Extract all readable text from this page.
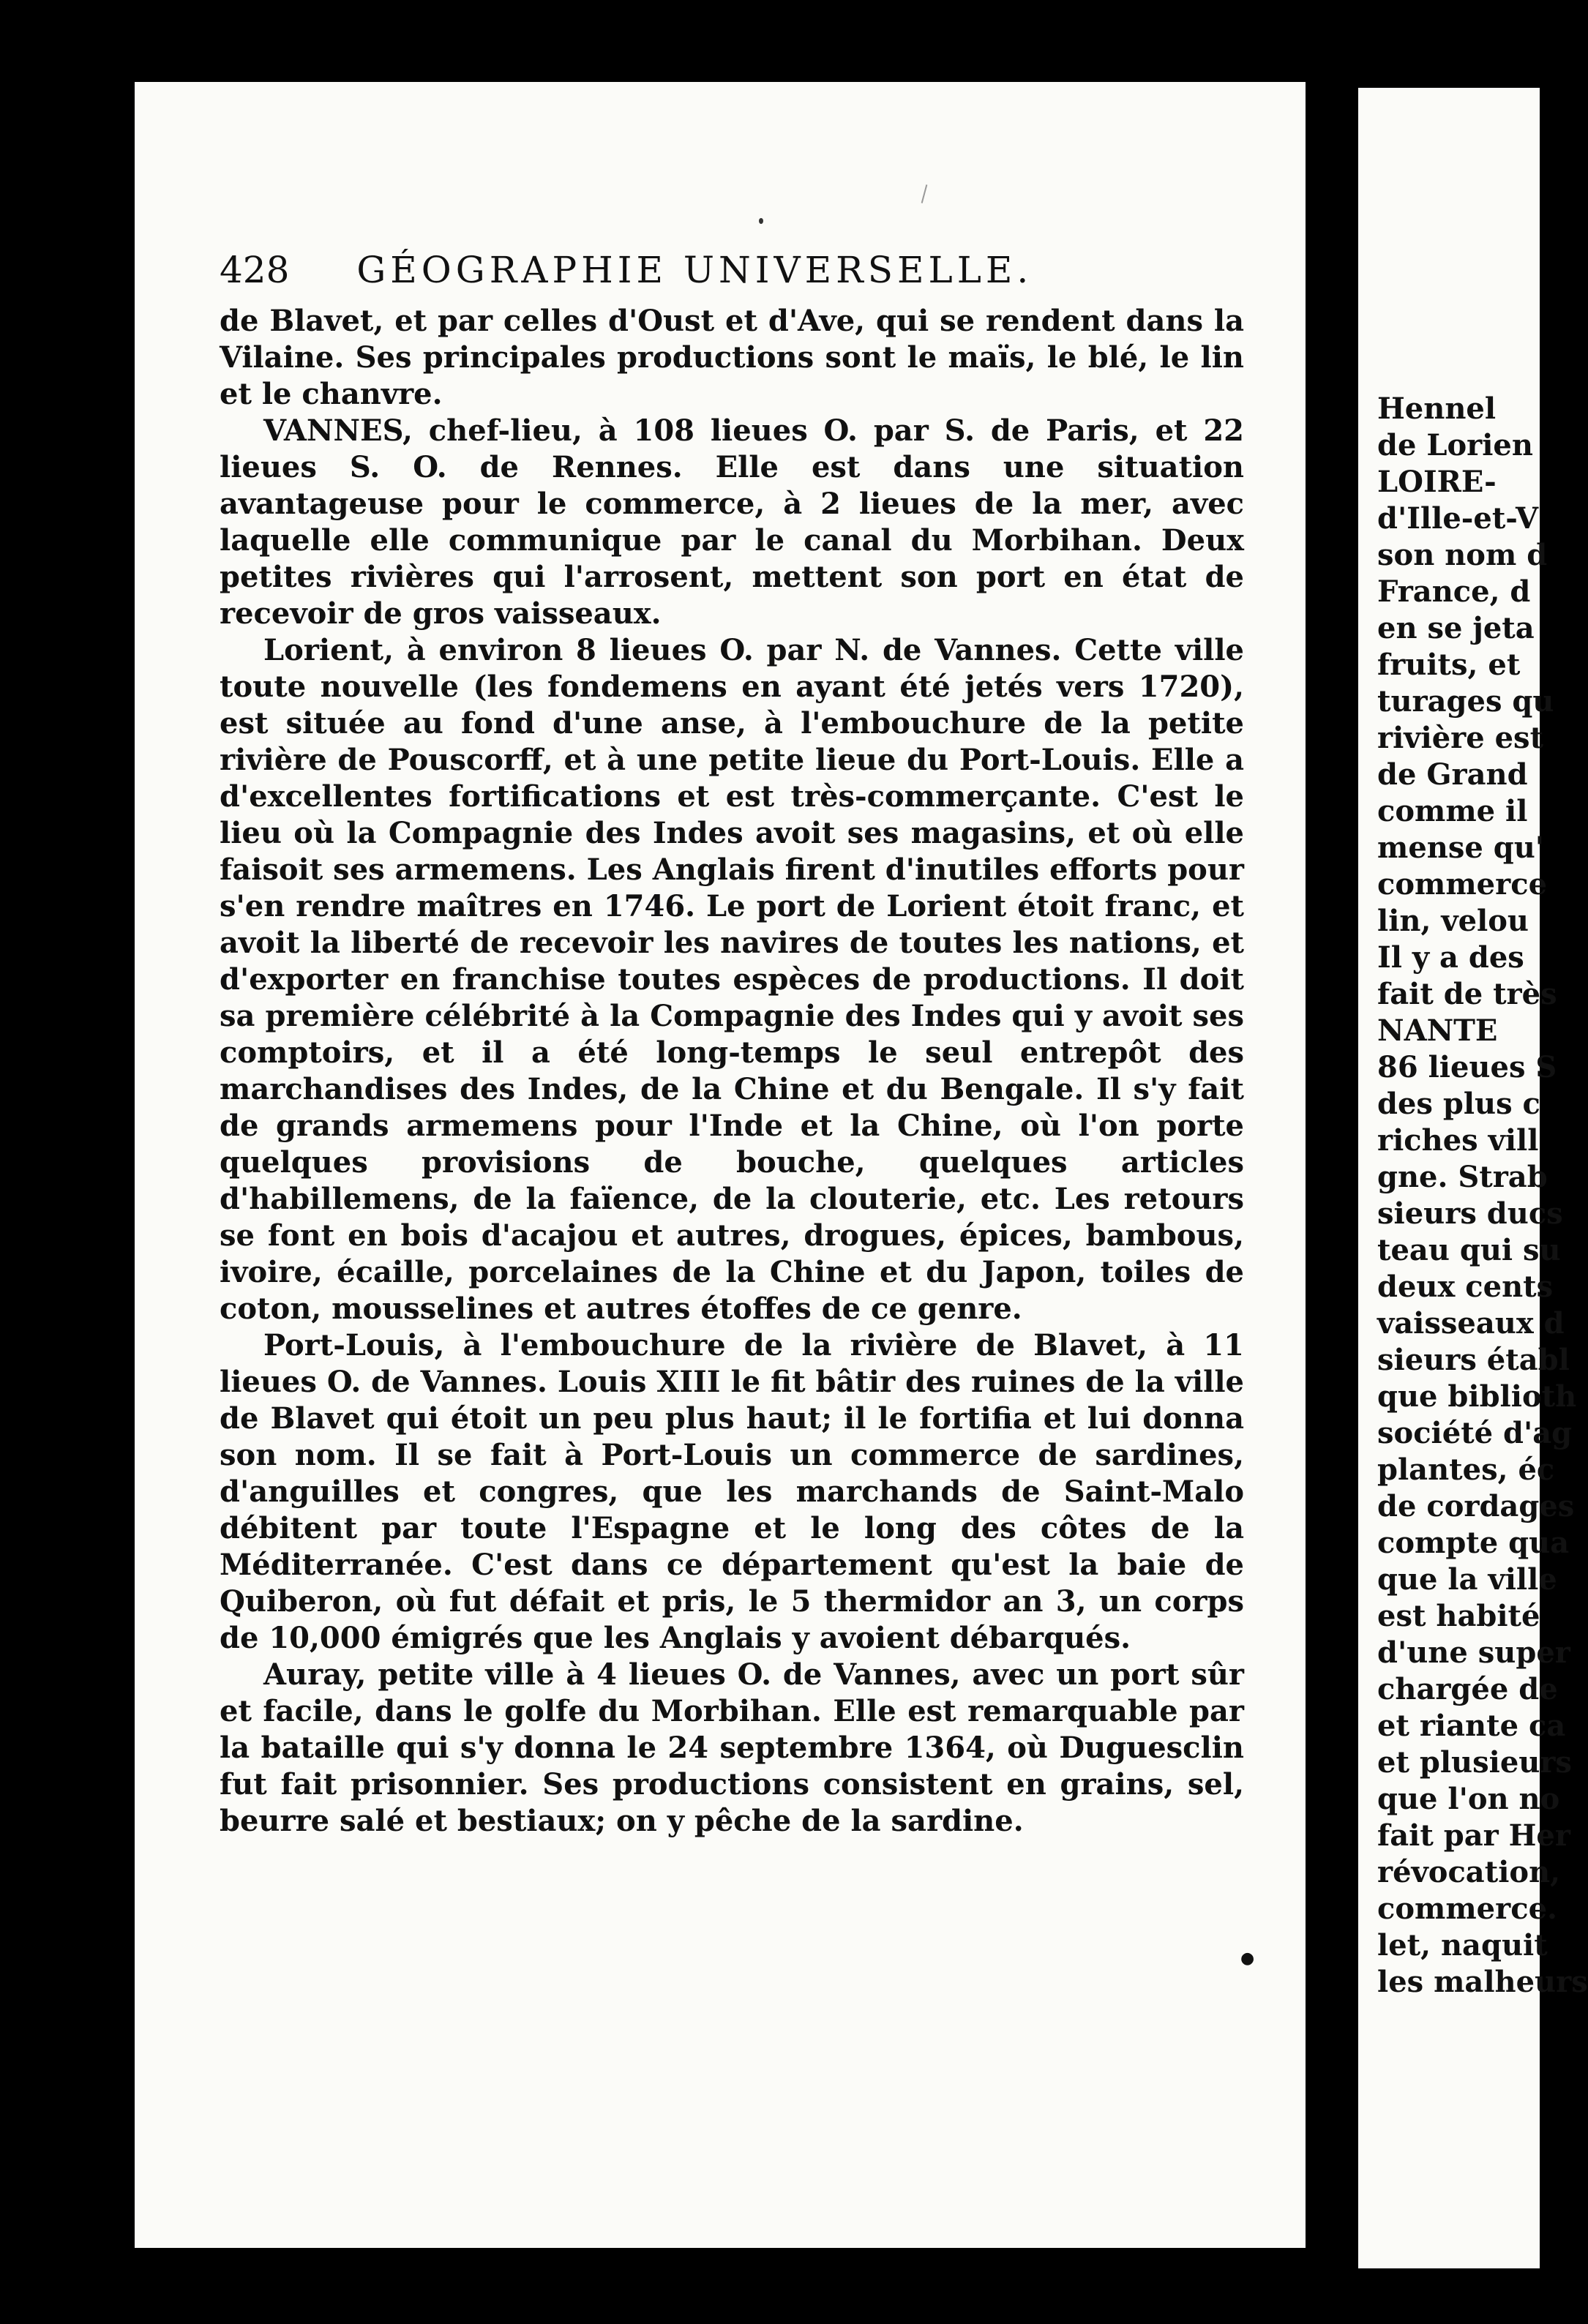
Hennel
de Lorien
LOIRE-
d'Ille-et-V
son nom d
France, d
en se jeta
fruits, et
turages qu
rivière est
de Grand
comme il
mense qu'
commerce
lin, velou
Il y a des
fait de très
NANTE
86 lieues S
des plus c
riches vill
gne. Strab
sieurs ducs
teau qui su
deux cents
vaisseaux d
sieurs établ
que biblioth
société d'ag
plantes, éc
de cordages
compte qua
que la ville
est habité
d'une super
chargée de
et riante ca
et plusieurs
que l'on no
fait par Her
révocation,
commerce.
let, naquit
les malheurs
428 GÉOGRAPHIE UNIVERSELLE.

de Blavet, et par celles d'Oust et d'Ave, qui se rendent dans la Vilaine. Ses principales productions sont le maïs, le blé, le lin et le chanvre.

VANNES, chef-lieu, à 108 lieues O. par S. de Paris, et 22 lieues S. O. de Rennes. Elle est dans une situation avantageuse pour le commerce, à 2 lieues de la mer, avec laquelle elle communique par le canal du Morbihan. Deux petites rivières qui l'arrosent, mettent son port en état de recevoir de gros vaisseaux.

Lorient, à environ 8 lieues O. par N. de Vannes. Cette ville toute nouvelle (les fondemens en ayant été jetés vers 1720), est située au fond d'une anse, à l'embouchure de la petite rivière de Pouscorff, et à une petite lieue du Port-Louis. Elle a d'excellentes fortifications et est très-commerçante. C'est le lieu où la Compagnie des Indes avoit ses magasins, et où elle faisoit ses armemens. Les Anglais firent d'inutiles efforts pour s'en rendre maîtres en 1746. Le port de Lorient étoit franc, et avoit la liberté de recevoir les navires de toutes les nations, et d'exporter en franchise toutes espèces de productions. Il doit sa première célébrité à la Compagnie des Indes qui y avoit ses comptoirs, et il a été long-temps le seul entrepôt des marchandises des Indes, de la Chine et du Bengale. Il s'y fait de grands armemens pour l'Inde et la Chine, où l'on porte quelques provisions de bouche, quelques articles d'habillemens, de la faïence, de la clouterie, etc. Les retours se font en bois d'acajou et autres, drogues, épices, bambous, ivoire, écaille, porcelaines de la Chine et du Japon, toiles de coton, mousselines et autres étoffes de ce genre.

Port-Louis, à l'embouchure de la rivière de Blavet, à 11 lieues O. de Vannes. Louis XIII le fit bâtir des ruines de la ville de Blavet qui étoit un peu plus haut; il le fortifia et lui donna son nom. Il se fait à Port-Louis un commerce de sardines, d'anguilles et congres, que les marchands de Saint-Malo débitent par toute l'Espagne et le long des côtes de la Méditerranée. C'est dans ce département qu'est la baie de Quiberon, où fut défait et pris, le 5 thermidor an 3, un corps de 10,000 émigrés que les Anglais y avoient débarqués.

Auray, petite ville à 4 lieues O. de Vannes, avec un port sûr et facile, dans le golfe du Morbihan. Elle est remarquable par la bataille qui s'y donna le 24 septembre 1364, où Duguesclin fut fait prisonnier. Ses productions consistent en grains, sel, beurre salé et bestiaux; on y pêche de la sardine.

●
